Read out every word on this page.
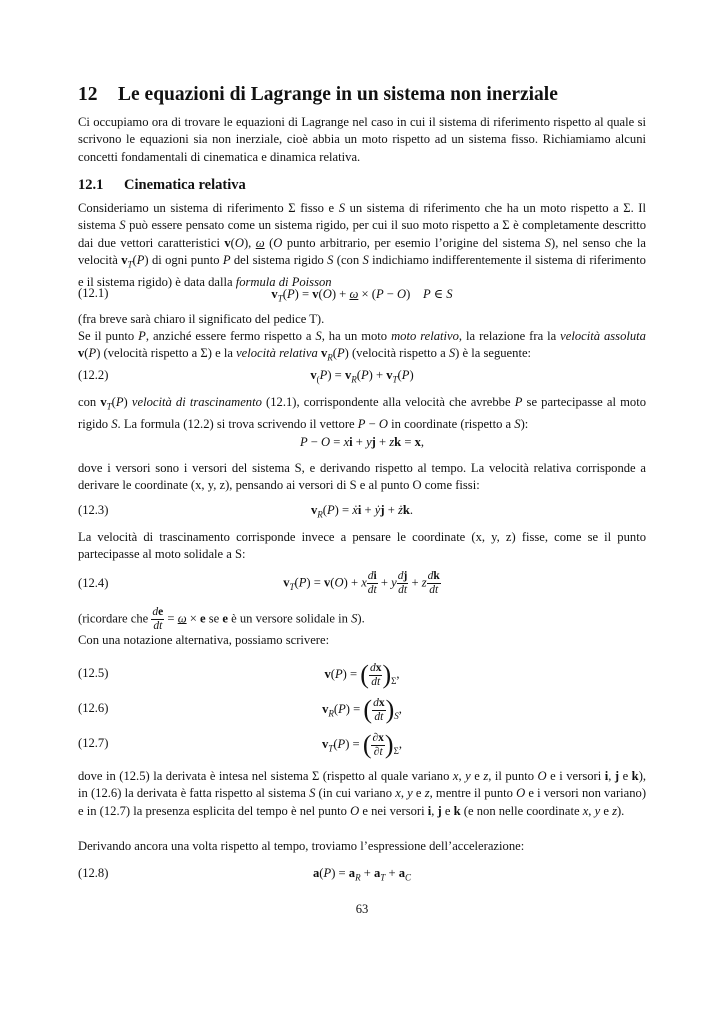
12 Le equazioni di Lagrange in un sistema non inerziale

Ci occupiamo ora di trovare le equazioni di Lagrange nel caso in cui il sistema di riferimento rispetto al quale si scrivono le equazioni sia non inerziale, cioè abbia un moto rispetto ad un sistema fisso. Richiamiamo alcuni concetti fondamentali di cinematica e dinamica relativa.

12.1 Cinematica relativa

Consideriamo un sistema di riferimento Σ fisso e S un sistema di riferimento che ha un moto rispetto a Σ. Il sistema S può essere pensato come un sistema rigido, per cui il suo moto rispetto a Σ è completamente descritto dai due vettori caratteristici v(O), ω (O punto arbitrario, per esemio l’origine del sistema S), nel senso che la velocità $v_T(P)$ di ogni punto P del sistema rigido S (con S indichiamo indifferentemente il sistema di riferimento e il sistema rigido) è data dalla formula di Poisson

(12.1)	$v_T(P) = v(O) + \omega \times (P - O)$    P ∈ S

(fra breve sarà chiaro il significato del pedice T).

Se il punto P, anziché essere fermo rispetto a S, ha un moto moto relativo, la relazione fra la velocità assoluta v(P) (velocità rispetto a Σ) e la velocità relativa $v_R(P)$ (velocità rispetto a S) è la seguente:

(12.2)	$v_(P) = v_R(P) + v_T(P)$

con $v_T(P)$ velocità di trascinamento (12.1), corrispondente alla velocità che avrebbe P se partecipasse al moto rigido S. La formula (12.2) si trova scrivendo il vettore P − O in coordinate (rispetto a S):

P − O = xi + yj + zk = x,

dove i versori sono i versori del sistema S, e derivando rispetto al tempo. La velocità relativa corrisponde a derivare le coordinate (x, y, z), pensando ai versori di S e al punto O come fissi:

(12.3)	$v_R(P)$ = ẋi + ẏj + żk.

La velocità di trascinamento corrisponde invece a pensare le coordinate (x, y, z) fisse, come se il punto partecipasse al moto solidale a S:

(12.4)	$v_T(P) = v(O) + x \frac{di}{dt} + y \frac{dj}{dt} + z \frac{dk}{dt}$

(ricordare che $\frac{de}{dt} = \omega \times e$ se e è un versore solidale in S).

Con una notazione alternativa, possiamo scrivere:

(12.5)	v(P) = ( $\frac{dx}{dt} )_\Sigma$,
(12.6)	$v_R(P)$ = ( $\frac{dx}{dt} )_S$,
(12.7)	$v_T(P)$ = ( $\frac{\partial x}{\partial t} )_\Sigma$,

dove in (12.5) la derivata è intesa nel sistema Σ (rispetto al quale variano x, y e z, il punto O e i versori i, j e k), in (12.6) la derivata è fatta rispetto al sistema S (in cui variano x, y e z, mentre il punto O e i versori non variano) e in (12.7) la presenza esplicita del tempo è nel punto O e nei versori i, j e k (e non nelle coordinate x, y e z).

Derivando ancora una volta rispetto al tempo, troviamo l’espressione dell’accelerazione:

(12.8)	$a(P) = a_R + a_T + a_C$
63
